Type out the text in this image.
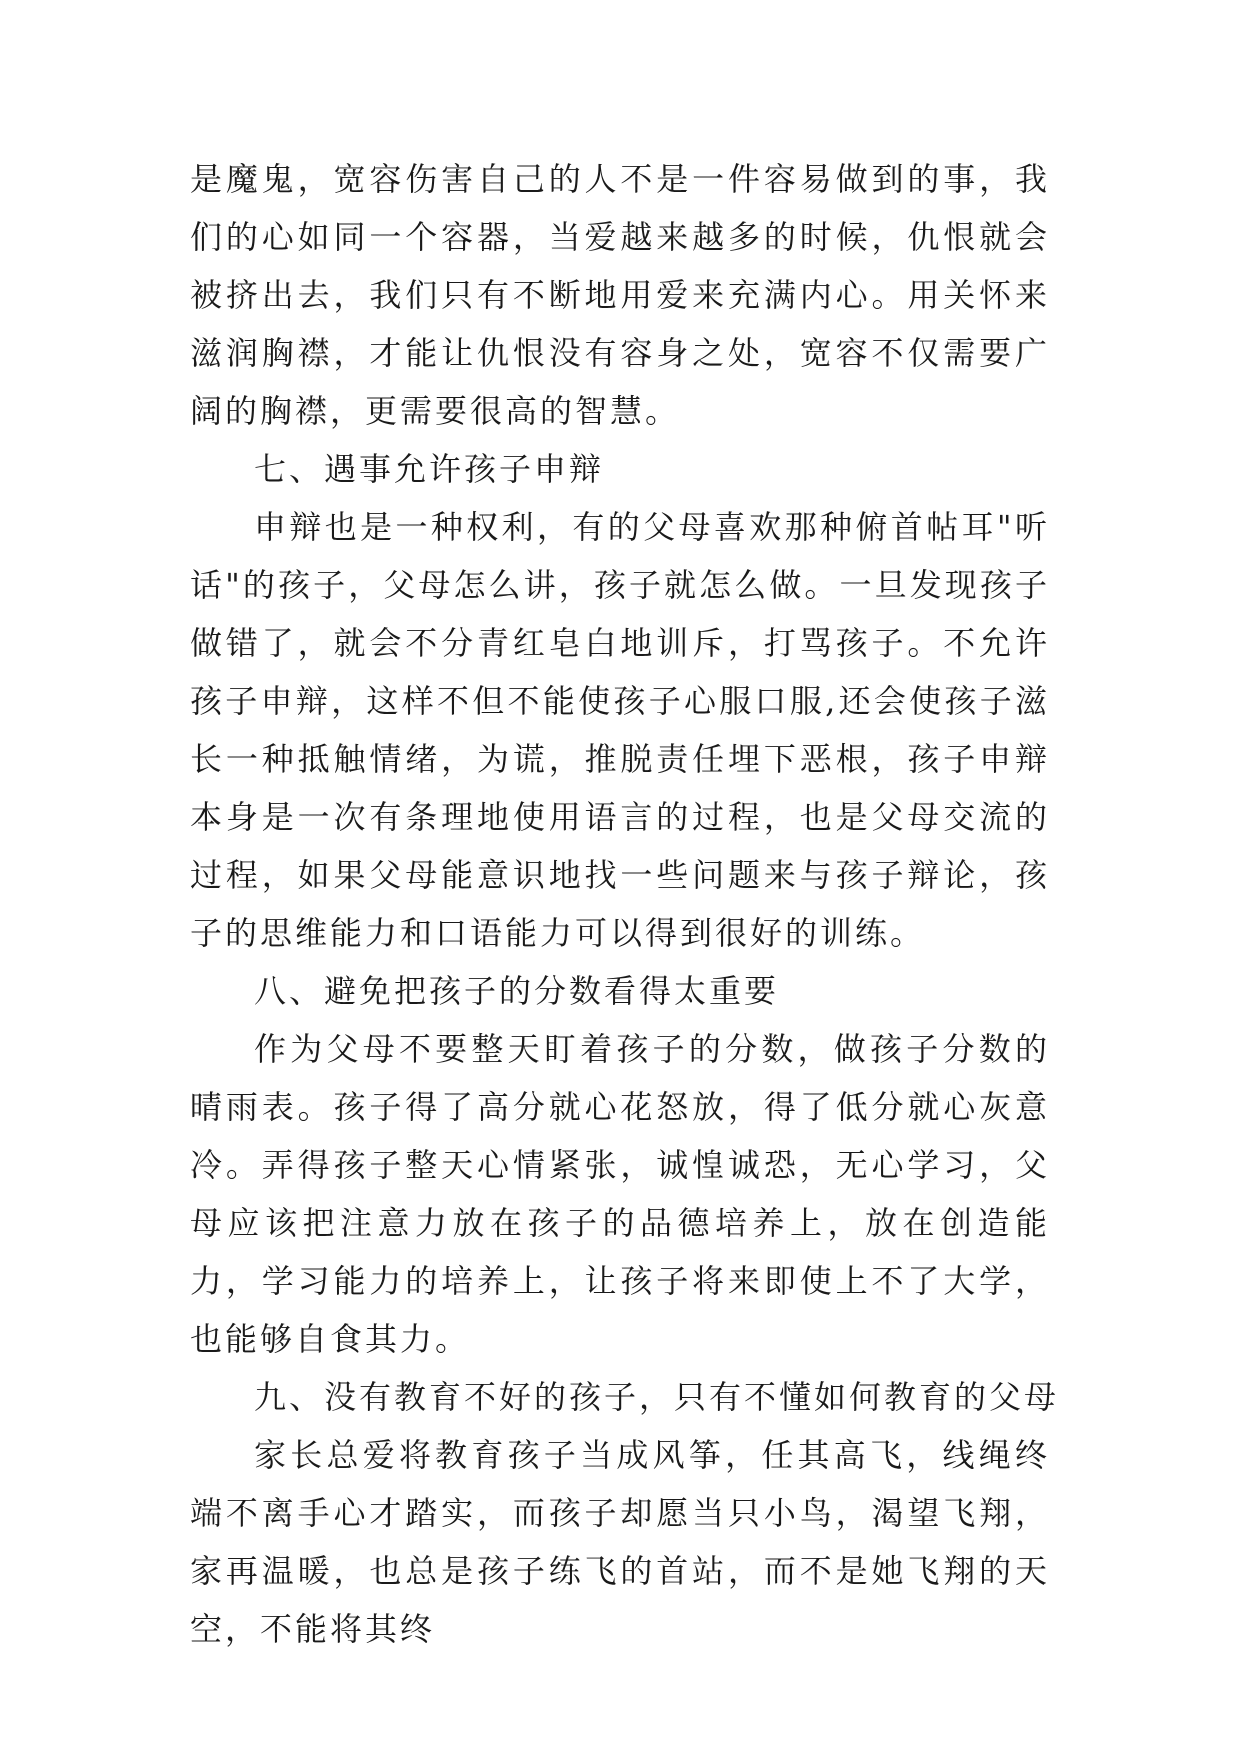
是魔鬼，宽容伤害自己的人不是一件容易做到的事，我们的心如同一个容器，当爱越来越多的时候，仇恨就会被挤出去，我们只有不断地用爱来充满内心。用关怀来滋润胸襟，才能让仇恨没有容身之处，宽容不仅需要广阔的胸襟，更需要很高的智慧。

七、遇事允许孩子申辩

申辩也是一种权利，有的父母喜欢那种俯首帖耳"听话"的孩子，父母怎么讲，孩子就怎么做。一旦发现孩子做错了，就会不分青红皂白地训斥，打骂孩子。不允许孩子申辩，这样不但不能使孩子心服口服,还会使孩子滋长一种抵触情绪，为谎，推脱责任埋下恶根，孩子申辩本身是一次有条理地使用语言的过程，也是父母交流的过程，如果父母能意识地找一些问题来与孩子辩论，孩子的思维能力和口语能力可以得到很好的训练。

八、避免把孩子的分数看得太重要

作为父母不要整天盯着孩子的分数，做孩子分数的晴雨表。孩子得了高分就心花怒放，得了低分就心灰意冷。弄得孩子整天心情紧张，诚惶诚恐，无心学习，父母应该把注意力放在孩子的品德培养上，放在创造能力，学习能力的培养上，让孩子将来即使上不了大学，也能够自食其力。

九、没有教育不好的孩子，只有不懂如何教育的父母

家长总爱将教育孩子当成风筝，任其高飞，线绳终端不离手心才踏实，而孩子却愿当只小鸟，渴望飞翔，家再温暖，也总是孩子练飞的首站，而不是她飞翔的天空，不能将其终
